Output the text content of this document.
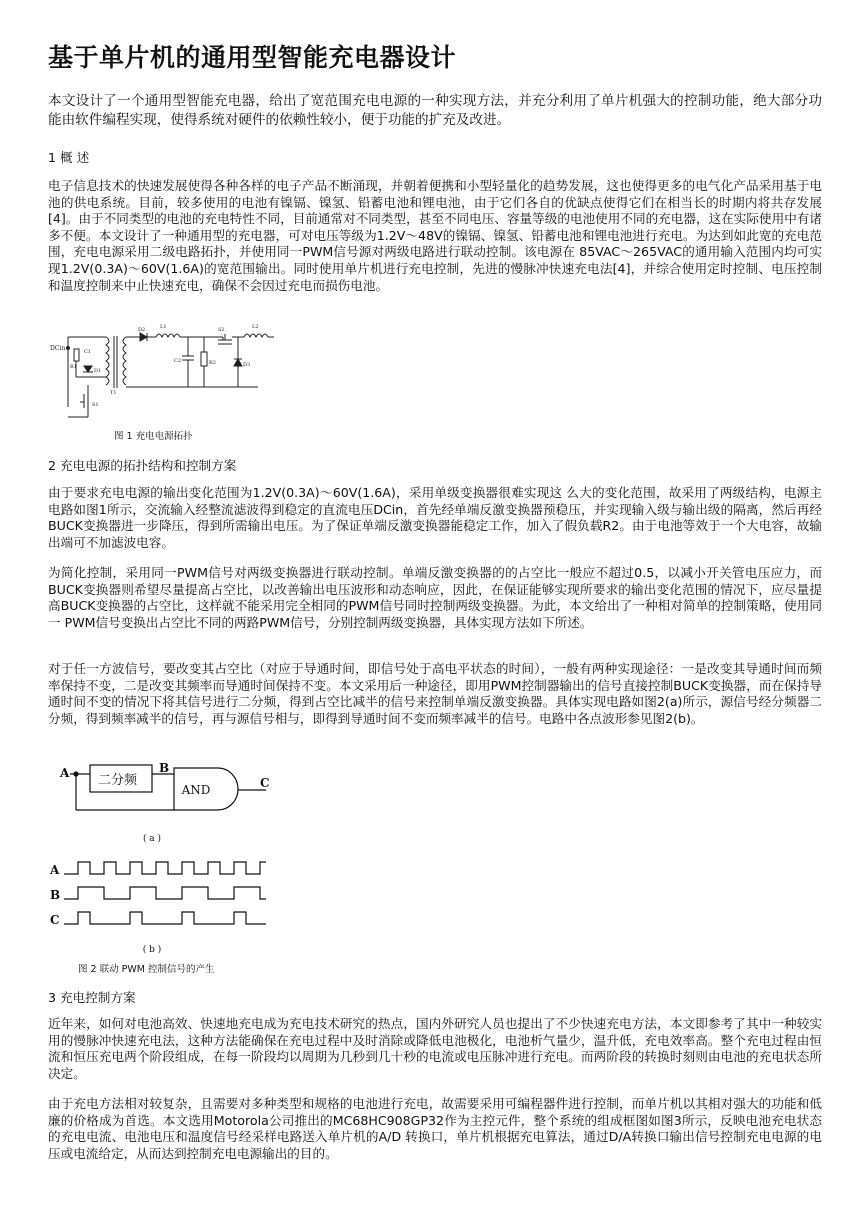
基于单片机的通用型智能充电器设计

本文设计了一个通用型智能充电器，给出了宽范围充电电源的一种实现方法，并充分利用了单片机强大的控制功能，绝大部分功能由软件编程实现，使得系统对硬件的依赖性较小，便于功能的扩充及改进。

1 概 述

电子信息技术的快速发展使得各种各样的电子产品不断涌现，并朝着便携和小型轻量化的趋势发展，这也使得更多的电气化产品采用基于电池的供电系统。目前，较多使用的电池有镍镉、镍氢、铅蓄电池和锂电池，由于它们各自的优缺点使得它们在相当长的时期内将共存发展[4]。由于不同类型的电池的充电特性不同，目前通常对不同类型，甚至不同电压、容量等级的电池使用不同的充电器，这在实际使用中有诸多不便。本文设计了一种通用型的充电器，可对电压等级为1.2V～48V的镍镉、镍氢、铅蓄电池和锂电池进行充电。为达到如此宽的充电范围，充电电源采用二级电路拓扑，并使用同一PWM信号源对两级电路进行联动控制。该电源在 85VAC～265VAC的通用输入范围内均可实现1.2V(0.3A)～60V(1.6A)的宽范围输出。同时使用单片机进行充电控制，先进的慢脉冲快速充电法[4]，并综合使用定时控制、电压控制和温度控制来中止快速充电，确保不会因过充电而损伤电池。

DCin	C1
R1
D1
T1
S1
D2	L1
C2	R2
S2
D3
L2
图 1 充电电源拓扑
2 充电电源的拓扑结构和控制方案

由于要求充电电源的输出变化范围为1.2V(0.3A)～60V(1.6A)，采用单级变换器很难实现这 么大的变化范围，故采用了两级结构，电源主电路如图1所示，交流输入经整流滤波得到稳定的直流电压DCin，首先经单端反激变换器预稳压，并实现输入级与输出级的隔离，然后再经BUCK变换器进一步降压，得到所需输出电压。为了保证单端反激变换器能稳定工作，加入了假负载R2。由于电池等效于一个大电容，故输出端可不加滤波电容。

为简化控制，采用同一PWM信号对两级变换器进行联动控制。单端反激变换器的的占空比一般应不超过0.5，以减小开关管电压应力，而BUCK变换器则希望尽量提高占空比，以改善输出电压波形和动态响应，因此，在保证能够实现所要求的输出变化范围的情况下，应尽量提高BUCK变换器的占空比，这样就不能采用完全相同的PWM信号同时控制两级变换器。为此，本文给出了一种相对简单的控制策略，使用同一 PWM信号变换出占空比不同的两路PWM信号，分别控制两级变换器，具体实现方法如下所述。

对于任一方波信号，要改变其占空比（对应于导通时间，即信号处于高电平状态的时间），一般有两种实现途径：一是改变其导通时间而频率保持不变，二是改变其频率而导通时间保持不变。本文采用后一种途径，即用PWM控制器输出的信号直接控制BUCK变换器，而在保持导通时间不变的情况下将其信号进行二分频，得到占空比减半的信号来控制单端反激变换器。具体实现电路如图2(a)所示，源信号经分频器二分频，得到频率减半的信号，再与源信号相与，即得到导通时间不变而频率减半的信号。电路中各点波形参见图2(b)。

A 二分频
B
AND	C
( a )
A
B
C
( b )
图 2 联动 PWM 控制信号的产生
3 充电控制方案

近年来，如何对电池高效、快速地充电成为充电技术研究的热点，国内外研究人员也提出了不少快速充电方法，本文即参考了其中一种较实用的慢脉冲快速充电法，这种方法能确保在充电过程中及时消除或降低电池极化，电池析气量少，温升低，充电效率高。整个充电过程由恒流和恒压充电两个阶段组成，在每一阶段均以周期为几秒到几十秒的电流或电压脉冲进行充电。而两阶段的转换时刻则由电池的充电状态所决定。

由于充电方法相对较复杂，且需要对多种类型和规格的电池进行充电，故需要采用可编程器件进行控制，而单片机以其相对强大的功能和低廉的价格成为首选。本文选用Motorola公司推出的MC68HC908GP32作为主控元件，整个系统的组成框图如图3所示，反映电池充电状态的充电电流、电池电压和温度信号经采样电路送入单片机的A/D 转换口，单片机根据充电算法，通过D/A转换口输出信号控制充电电源的电压或电流给定，从而达到控制充电电源输出的目的。
